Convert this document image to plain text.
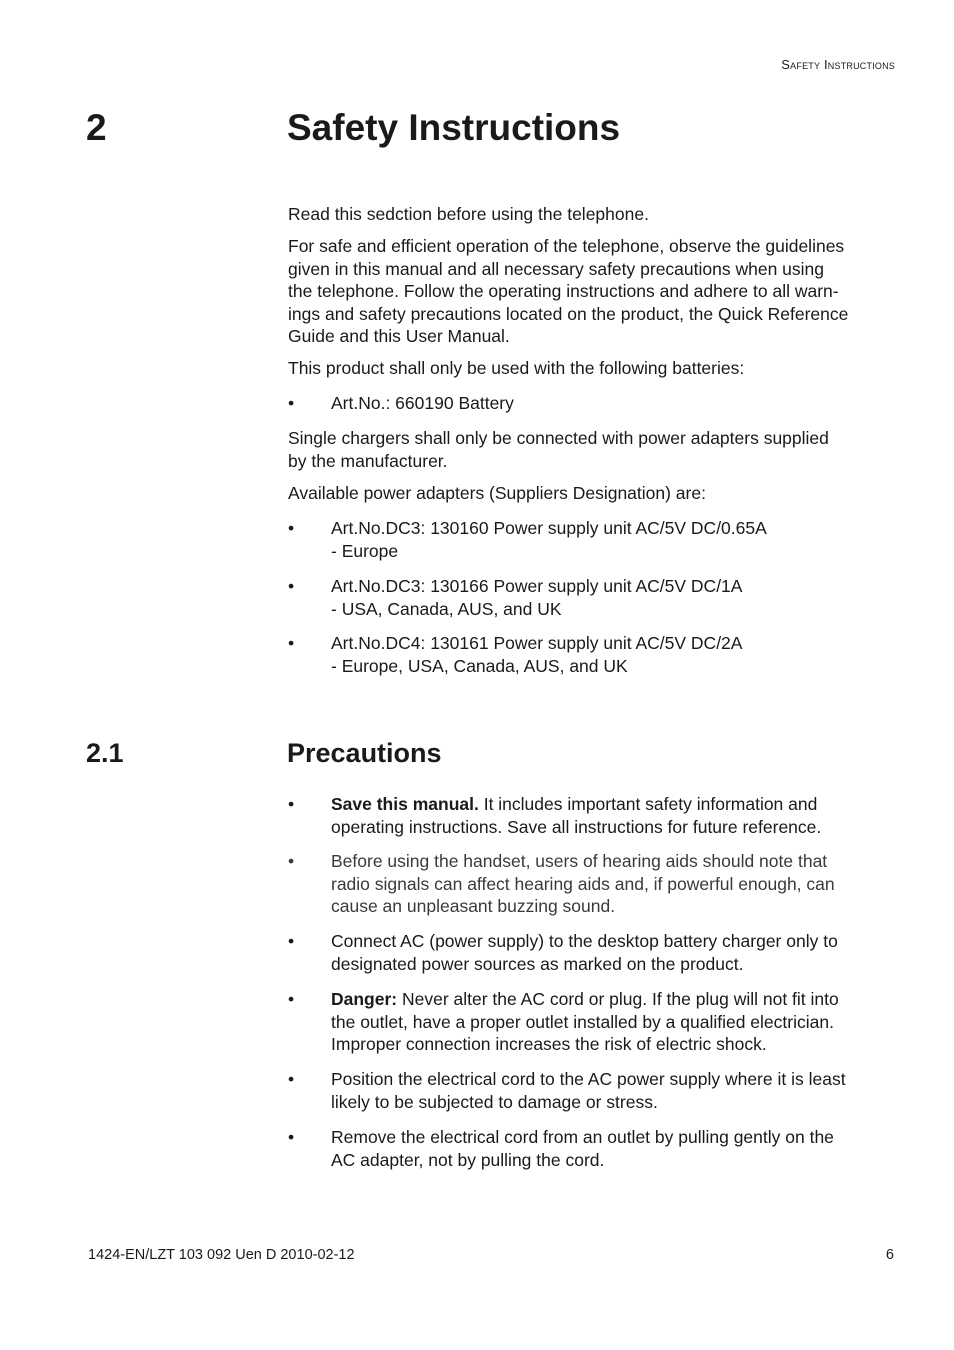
Safety Instructions
2	Safety Instructions

Read this sedction before using the telephone.

For safe and efficient operation of the telephone, observe the guidelines
given in this manual and all necessary safety precautions when using
the telephone. Follow the operating instructions and adhere to all warn-
ings and safety precautions located on the product, the Quick Reference
Guide and this User Manual.

This product shall only be used with the following batteries:

• Art.No.: 660190 Battery

Single chargers shall only be connected with power adapters supplied
by the manufacturer.

Available power adapters (Suppliers Designation) are:

• Art.No.DC3: 130160 Power supply unit AC/5V DC/0.65A
- Europe
• Art.No.DC3: 130166 Power supply unit AC/5V DC/1A
- USA, Canada, AUS, and UK
• Art.No.DC4: 130161 Power supply unit AC/5V DC/2A
- Europe, USA, Canada, AUS, and UK
2.1	Precautions
• Save this manual. It includes important safety information and
operating instructions. Save all instructions for future reference.
• Before using the handset, users of hearing aids should note that
radio signals can affect hearing aids and, if powerful enough, can
cause an unpleasant buzzing sound.
• Connect AC (power supply) to the desktop battery charger only to
designated power sources as marked on the product.
• Danger: Never alter the AC cord or plug. If the plug will not fit into
the outlet, have a proper outlet installed by a qualified electrician.
Improper connection increases the risk of electric shock.
• Position the electrical cord to the AC power supply where it is least
likely to be subjected to damage or stress.
• Remove the electrical cord from an outlet by pulling gently on the
AC adapter, not by pulling the cord.
1424-EN/LZT 103 092 Uen D 2010-02-12	6
